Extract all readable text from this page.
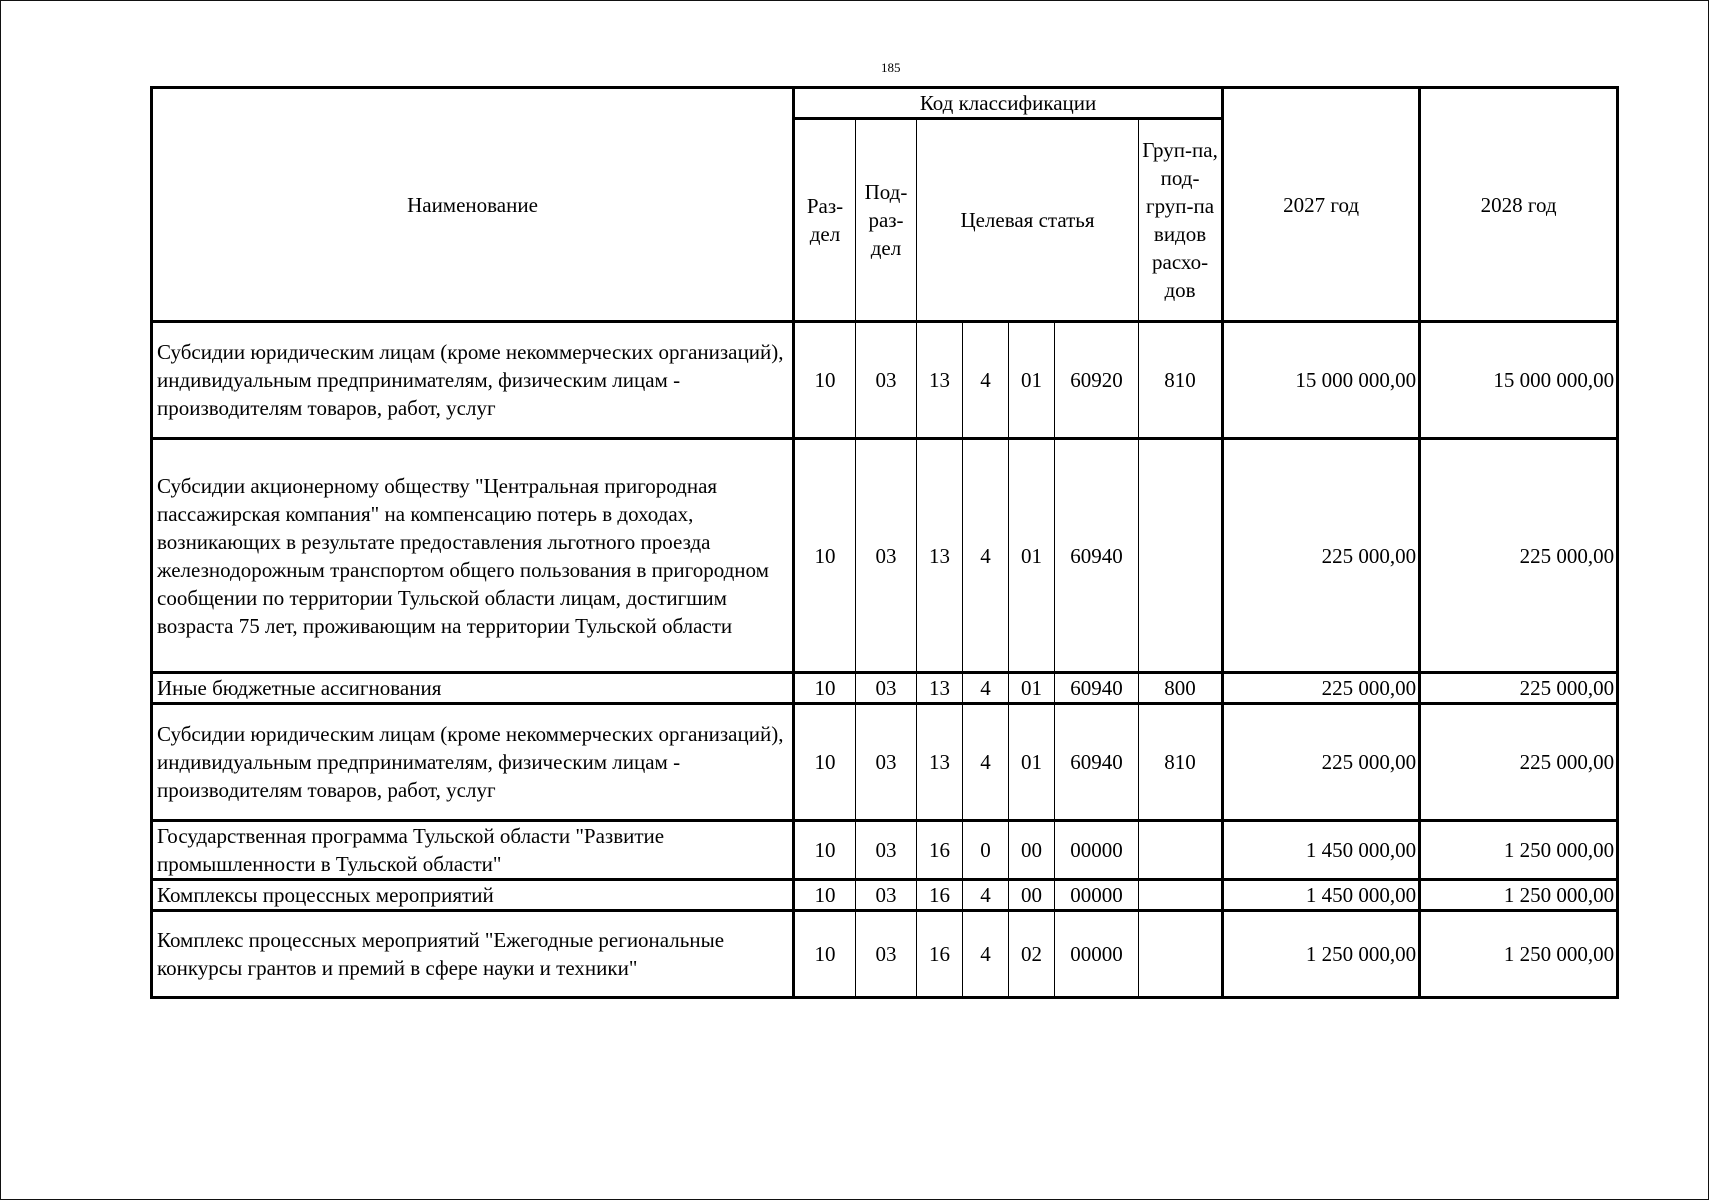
185
Наименование	Код классификации							2027 год	2028 год
	Раз-дел	Под-раз-дел	Целевая статья				Груп-па, под-груп-па видов расхо-дов		
Субсидии юридическим лицам (кроме некоммерческих организаций), индивидуальным предпринимателям, физическим лицам - производителям товаров, работ, услуг	10	03	13	4	01	60920	810	15 000 000,00	15 000 000,00
Субсидии акционерному обществу "Центральная пригородная пассажирская компания" на компенсацию потерь в доходах, возникающих в результате предоставления льготного проезда железнодорожным транспортом общего пользования в пригородном сообщении по территории Тульской области лицам, достигшим возраста 75 лет, проживающим на территории Тульской области	10	03	13	4	01	60940		225 000,00	225 000,00
Иные бюджетные ассигнования	10	03	13	4	01	60940	800	225 000,00	225 000,00
Субсидии юридическим лицам (кроме некоммерческих организаций), индивидуальным предпринимателям, физическим лицам - производителям товаров, работ, услуг	10	03	13	4	01	60940	810	225 000,00	225 000,00
Государственная программа Тульской области "Развитие промышленности в Тульской области"	10	03	16	0	00	00000		1 450 000,00	1 250 000,00
Комплексы процессных мероприятий	10	03	16	4	00	00000		1 450 000,00	1 250 000,00
Комплекс процессных мероприятий "Ежегодные региональные конкурсы грантов и премий в сфере науки и техники"	10	03	16	4	02	00000		1 250 000,00	1 250 000,00
